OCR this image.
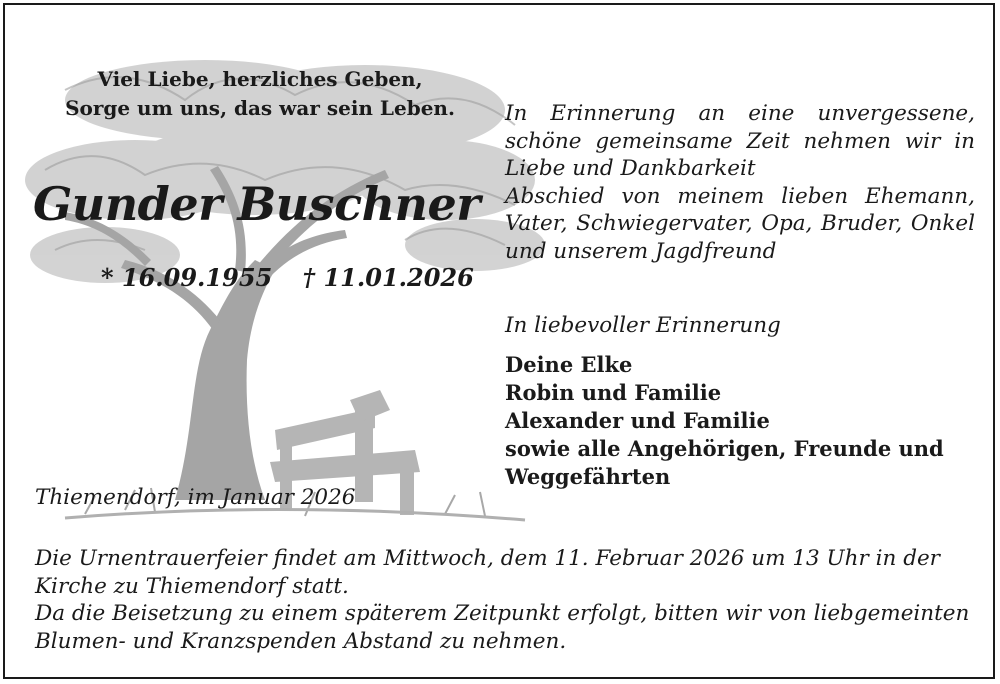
Viel Liebe, herzliches Geben,
Sorge um uns, das war sein Leben.
Gunder Buschner
* 16.09.1955 † 11.01.2026

In Erinnerung an eine unvergessene, schöne gemeinsame Zeit nehmen wir in Liebe und Dankbarkeit

Abschied von meinem lieben Ehemann, Vater, Schwiegervater, Opa, Bruder, Onkel und unserem Jagdfreund

In liebevoller Erinnerung
Deine Elke
Robin und Familie
Alexander und Familie
sowie alle Angehörigen, Freunde und
Weggefährten
Thiemendorf, im Januar 2026

Die Urnentrauerfeier findet am Mittwoch, dem 11. Februar 2026 um 13 Uhr in der Kirche zu Thiemendorf statt.

Da die Beisetzung zu einem späterem Zeitpunkt erfolgt, bitten wir von liebgemeinten Blumen- und Kranzspenden Abstand zu nehmen.
